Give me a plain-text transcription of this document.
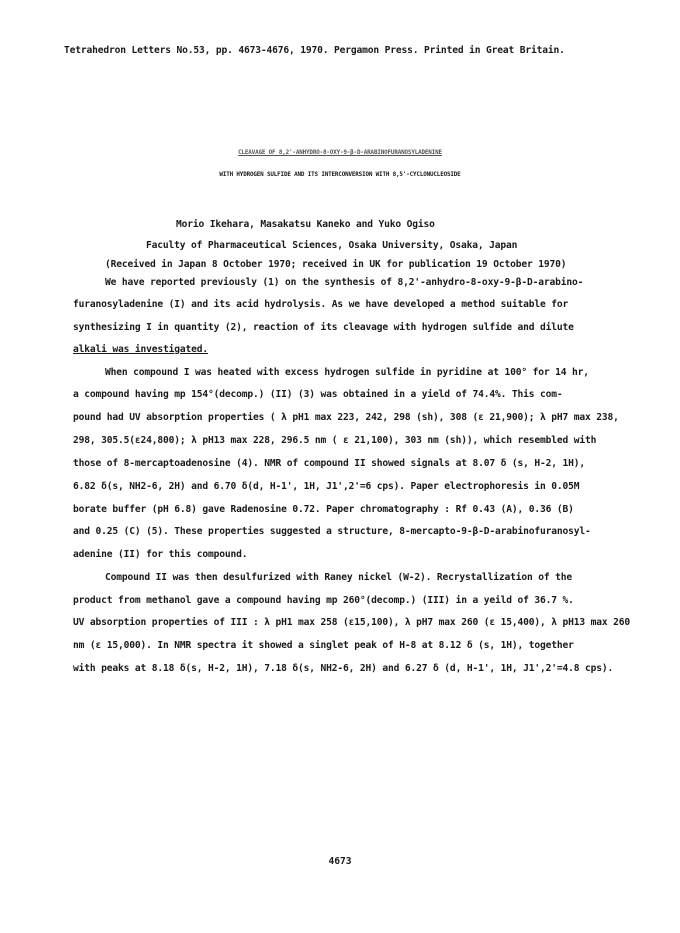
Tetrahedron Letters No.53, pp. 4673-4676, 1970. Pergamon Press. Printed in Great Britain.
CLEAVAGE OF 8,2'-ANHYDRO-8-OXY-9-β-D-ARABINOFURANOSYLADENINE
WITH HYDROGEN SULFIDE AND ITS INTERCONVERSION WITH 8,5'-CYCLONUCLEOSIDE
Morio Ikehara, Masakatsu Kaneko and Yuko Ogiso
Faculty of Pharmaceutical Sciences, Osaka University, Osaka, Japan
(Received in Japan 8 October 1970; received in UK for publication 19 October 1970)
We have reported previously (1) on the synthesis of 8,2'-anhydro-8-oxy-9-β-D-arabino-
furanosyladenine (I) and its acid hydrolysis. As we have developed a method suitable for
synthesizing I in quantity (2), reaction of its cleavage with hydrogen sulfide and dilute
alkali was investigated.
When compound I was heated with excess hydrogen sulfide in pyridine at 100° for 14 hr,
a compound having mp 154°(decomp.) (II) (3) was obtained in a yield of 74.4%. This com-
pound had UV absorption properties ( λ pH1 max 223, 242, 298 (sh), 308 (ε 21,900); λ pH7 max 238,
298, 305.5(ε24,800); λ pH13 max 228, 296.5 nm ( ε 21,100), 303 nm (sh)), which resembled with
those of 8-mercaptoadenosine (4). NMR of compound II showed signals at 8.07 δ (s, H-2, 1H),
6.82 δ(s, NH2-6, 2H) and 6.70 δ(d, H-1', 1H, J1',2'=6 cps). Paper electrophoresis in 0.05M
borate buffer (pH 6.8) gave Radenosine 0.72. Paper chromatography : Rf 0.43 (A), 0.36 (B)
and 0.25 (C) (5). These properties suggested a structure, 8-mercapto-9-β-D-arabinofuranosyl-
adenine (II) for this compound.
Compound II was then desulfurized with Raney nickel (W-2). Recrystallization of the
product from methanol gave a compound having mp 260°(decomp.) (III) in a yeild of 36.7 %.
UV absorption properties of III : λ pH1 max 258 (ε15,100), λ pH7 max 260 (ε 15,400), λ pH13 max 260
nm (ε 15,000). In NMR spectra it showed a singlet peak of H-8 at 8.12 δ (s, 1H), together
with peaks at 8.18 δ(s, H-2, 1H), 7.18 δ(s, NH2-6, 2H) and 6.27 δ (d, H-1', 1H, J1',2'=4.8 cps).
4673
